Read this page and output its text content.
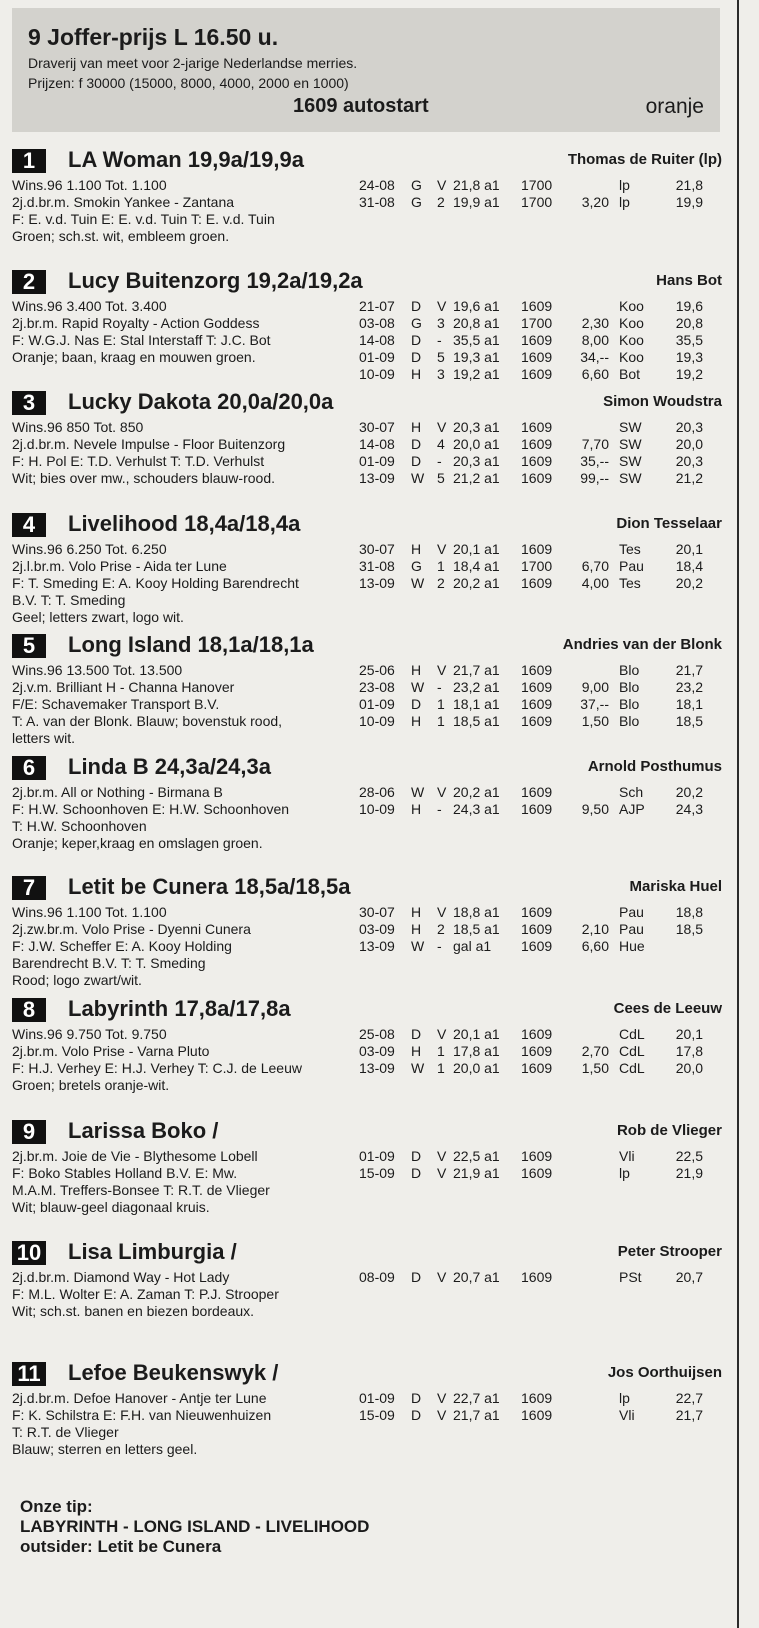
9 Joffer-prijs L 16.50 u.
Draverij van meet voor 2-jarige Nederlandse merries.
Prijzen: f 30000 (15000, 8000, 4000, 2000 en 1000)
1609 autostart	oranje
1	LA Woman 19,9a/19,9a	Thomas de Ruiter (lp)
Wins.96 1.100 Tot. 1.100
2j.d.br.m. Smokin Yankee - Zantana
F: E. v.d. Tuin E: E. v.d. Tuin T: E. v.d. Tuin
Groen; sch.st. wit, embleem groen.
24-08 G V 21,8 a1 1700	lp	21,8
31-08 G 2 19,9 a1 1700	3,20 lp	19,9
2	Lucy Buitenzorg 19,2a/19,2a	Hans Bot
Wins.96 3.400 Tot. 3.400
2j.br.m. Rapid Royalty - Action Goddess
F: W.G.J. Nas E: Stal Interstaff T: J.C. Bot
Oranje; baan, kraag en mouwen groen.
21-07 D V 19,6 a1 1609	Koo	19,6
03-08 G 3 20,8 a1 1700	2,30 Koo	20,8
14-08 D - 35,5 a1 1609	8,00 Koo	35,5
01-09 D 5 19,3 a1 1609	34,-- Koo	19,3
10-09 H 3 19,2 a1 1609	6,60 Bot	19,2
3	Lucky Dakota 20,0a/20,0a	Simon Woudstra
Wins.96 850 Tot. 850
2j.d.br.m. Nevele Impulse - Floor Buitenzorg
F: H. Pol E: T.D. Verhulst T: T.D. Verhulst
Wit; bies over mw., schouders blauw-rood.
30-07 H V 20,3 a1 1609	SW	20,3
14-08 D 4 20,0 a1 1609	7,70 SW	20,0
01-09 D - 20,3 a1 1609	35,-- SW	20,3
13-09 W 5 21,2 a1 1609	99,-- SW	21,2
4	Livelihood 18,4a/18,4a	Dion Tesselaar
Wins.96 6.250 Tot. 6.250
2j.l.br.m. Volo Prise - Aida ter Lune
F: T. Smeding E: A. Kooy Holding Barendrecht
B.V. T: T. Smeding
Geel; letters zwart, logo wit.
30-07 H V 20,1 a1 1609	Tes	20,1
31-08 G 1 18,4 a1 1700	6,70 Pau	18,4
13-09 W 2 20,2 a1 1609	4,00 Tes	20,2
5	Long Island 18,1a/18,1a	Andries van der Blonk
Wins.96 13.500 Tot. 13.500
2j.v.m. Brilliant H - Channa Hanover
F/E: Schavemaker Transport B.V.
T: A. van der Blonk. Blauw; bovenstuk rood,
letters wit.
25-06 H V 21,7 a1 1609	Blo	21,7
23-08 W - 23,2 a1 1609	9,00 Blo	23,2
01-09 D 1 18,1 a1 1609	37,-- Blo	18,1
10-09 H 1 18,5 a1 1609	1,50 Blo	18,5
6	Linda B 24,3a/24,3a	Arnold Posthumus
2j.br.m. All or Nothing - Birmana B
F: H.W. Schoonhoven E: H.W. Schoonhoven
T: H.W. Schoonhoven
Oranje; keper,kraag en omslagen groen.
28-06 W V 20,2 a1 1609	Sch	20,2
10-09 H - 24,3 a1 1609	9,50 AJP	24,3
7	Letit be Cunera 18,5a/18,5a	Mariska Huel
Wins.96 1.100 Tot. 1.100
2j.zw.br.m. Volo Prise - Dyenni Cunera
F: J.W. Scheffer E: A. Kooy Holding
Barendrecht B.V. T: T. Smeding
Rood; logo zwart/wit.
30-07 H V 18,8 a1 1609	Pau	18,8
03-09 H 2 18,5 a1 1609	2,10 Pau	18,5
13-09 W - gal a1 1609	6,60 Hue
8	Labyrinth 17,8a/17,8a	Cees de Leeuw
Wins.96 9.750 Tot. 9.750
2j.br.m. Volo Prise - Varna Pluto
F: H.J. Verhey E: H.J. Verhey T: C.J. de Leeuw
Groen; bretels oranje-wit.
25-08 D V 20,1 a1 1609	CdL	20,1
03-09 H 1 17,8 a1 1609	2,70 CdL	17,8
13-09 W 1 20,0 a1 1609	1,50 CdL	20,0
9	Larissa Boko /	Rob de Vlieger
2j.br.m. Joie de Vie - Blythesome Lobell
F: Boko Stables Holland B.V. E: Mw.
M.A.M. Treffers-Bonsee T: R.T. de Vlieger
Wit; blauw-geel diagonaal kruis.
01-09 D V 22,5 a1 1609	Vli	22,5
15-09 D V 21,9 a1 1609	lp	21,9
10 Lisa Limburgia /	Peter Strooper
2j.d.br.m. Diamond Way - Hot Lady
F: M.L. Wolter E: A. Zaman T: P.J. Strooper
Wit; sch.st. banen en biezen bordeaux.
08-09 D V 20,7 a1 1609	PSt	20,7
11 Lefoe Beukenswyk /	Jos Oorthuijsen
2j.d.br.m. Defoe Hanover - Antje ter Lune
F: K. Schilstra E: F.H. van Nieuwenhuizen
T: R.T. de Vlieger
Blauw; sterren en letters geel.
01-09 D V 22,7 a1 1609	lp	22,7
15-09 D V 21,7 a1 1609	Vli	21,7
Onze tip:
LABYRINTH - LONG ISLAND - LIVELIHOOD
outsider: Letit be Cunera
